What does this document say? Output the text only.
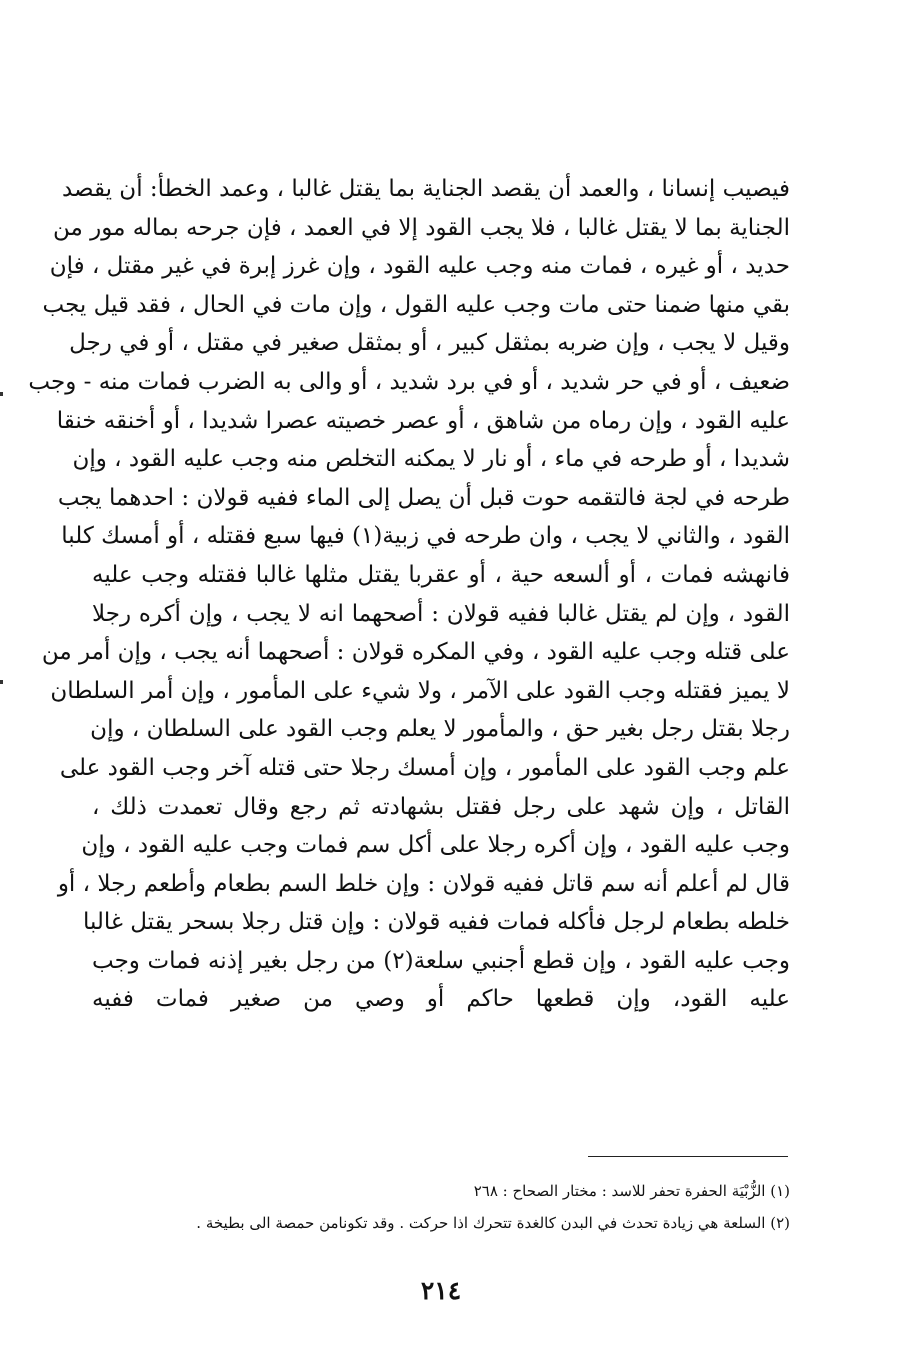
فيصيب إنسانا ، والعمد أن يقصد الجناية بما يقتل غالبا ، وعمد الخطأ: أن يقصد
الجناية بما لا يقتل غالبا ، فلا يجب القود إلا في العمد ، فإن جرحه بماله مور من
حديد ، أو غيره ، فمات منه وجب عليه القود ، وإن غرز إبرة في غير مقتل ، فإن
بقي منها ضمنا حتى مات وجب عليه القول ، وإن مات في الحال ، فقد قيل يجب
وقيل لا يجب ، وإن ضربه بمثقل كبير ، أو بمثقل صغير في مقتل ، أو في رجل
ضعيف ، أو في حر شديد ، أو في برد شديد ، أو والى به الضرب فمات منه - وجب
عليه القود ، وإن رماه من شاهق ، أو عصر خصيته عصرا شديدا ، أو أخنقه خنقا
شديدا ، أو طرحه في ماء ، أو نار لا يمكنه التخلص منه وجب عليه القود ، وإن
طرحه في لجة فالتقمه حوت قبل أن يصل إلى الماء ففيه قولان : احدهما يجب
القود ، والثاني لا يجب ، وان طرحه في زبية(١) فيها سبع فقتله ، أو أمسك كلبا
فانهشه فمات ، أو ألسعه حية ، أو عقربا يقتل مثلها غالبا فقتله وجب عليه
القود ، وإن لم يقتل غالبا ففيه قولان : أصحهما انه لا يجب ، وإن أكره رجلا
على قتله وجب عليه القود ، وفي المكره قولان : أصحهما أنه يجب ، وإن أمر من
لا يميز فقتله وجب القود على الآمر ، ولا شيء على المأمور ، وإن أمر السلطان
رجلا بقتل رجل بغير حق ، والمأمور لا يعلم وجب القود على السلطان ، وإن
علم وجب القود على المأمور ، وإن أمسك رجلا حتى قتله آخر وجب القود على
القاتل ، وإن شهد على رجل فقتل بشهادته ثم رجع وقال تعمدت ذلك ،
وجب عليه القود ، وإن أكره رجلا على أكل سم فمات وجب عليه القود ، وإن
قال لم أعلم أنه سم قاتل ففيه قولان : وإن خلط السم بطعام وأطعم رجلا ، أو
خلطه بطعام لرجل فأكله فمات ففيه قولان : وإن قتل رجلا بسحر يقتل غالبا
وجب عليه القود ، وإن قطع أجنبي سلعة(٢) من رجل بغير إذنه فمات وجب
عليه القود، وإن قطعها حاكم أو وصي من صغير فمات ففيه
(١) الزُّبْيَة الحفرة تحفر للاسد : مختار الصحاح : ٢٦٨
(٢) السلعة هي زيادة تحدث في البدن كالغدة تتحرك اذا حركت . وقد تكونامن حمصة الى بطيخة .
٢١٤
